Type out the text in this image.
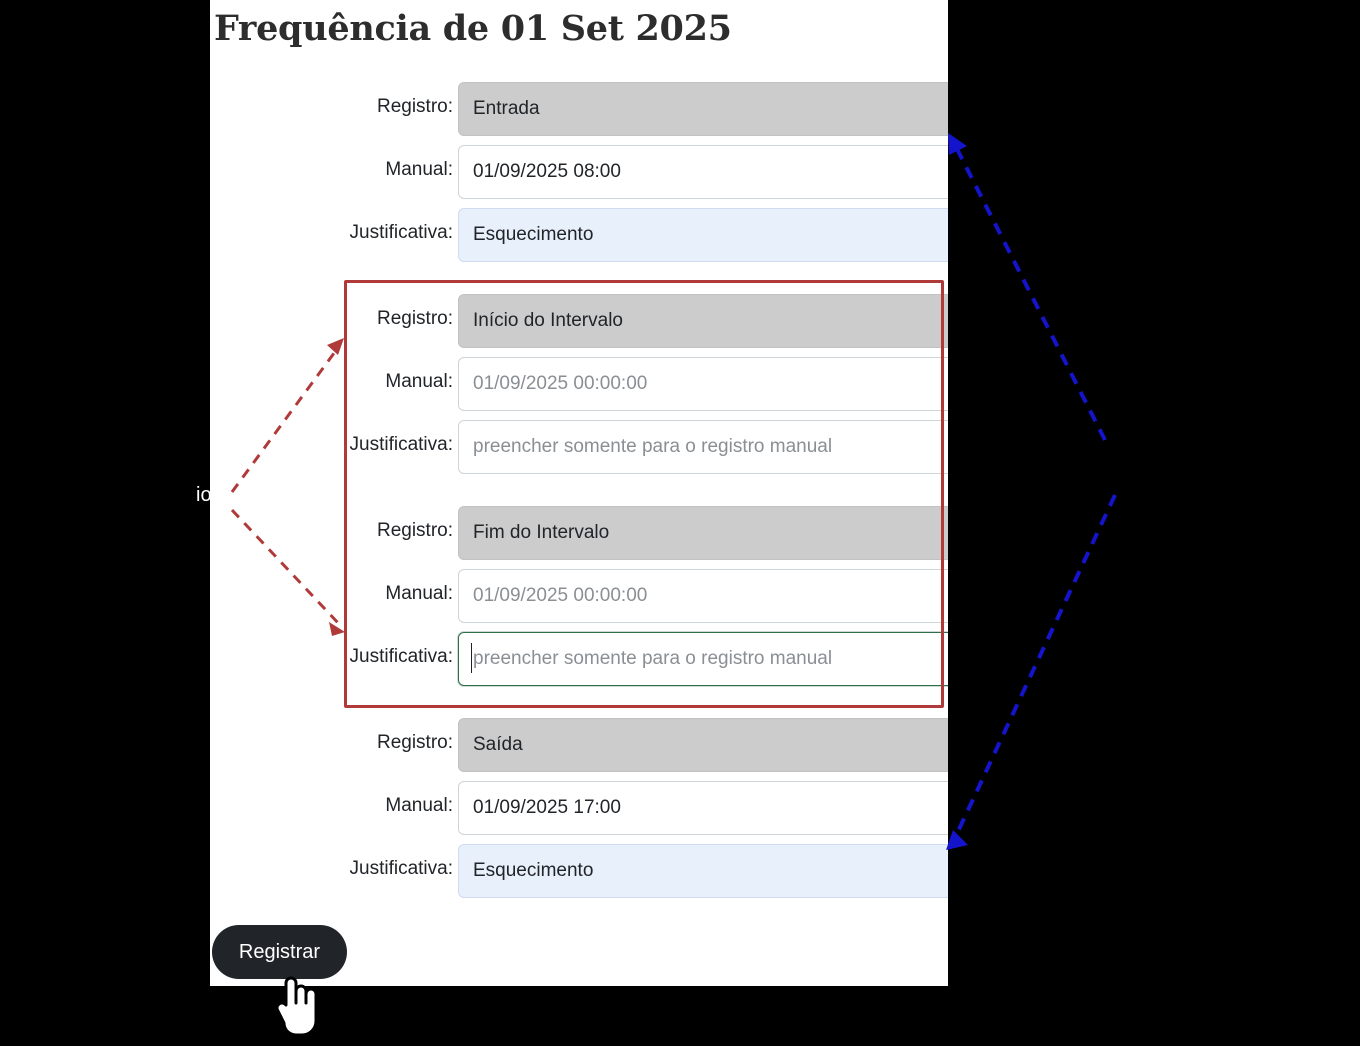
Frequência de 01 Set 2025
Registro:	Entrada
Manual:	01/09/2025 08:00
Justificativa:	Esquecimento
Registro:	Início do Intervalo
Manual:	01/09/2025 00:00:00
Justificativa:	preencher somente para o registro manual
Registro:	Fim do Intervalo
Manual:	01/09/2025 00:00:00
Justificativa:	preencher somente para o registro manual
Registro:	Saída
Manual:	01/09/2025 17:00
Justificativa:	Esquecimento
Registrar
io
